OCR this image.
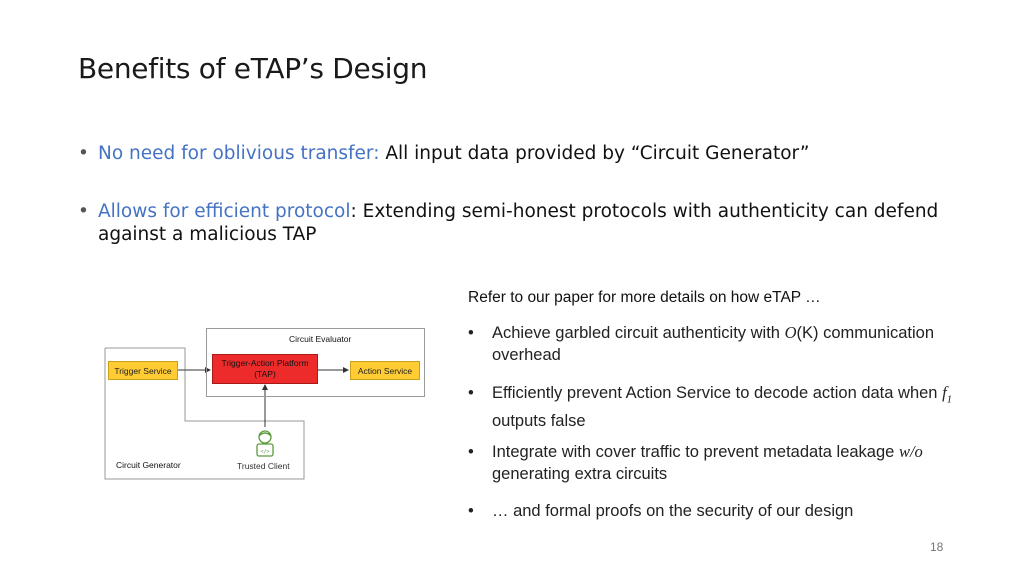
Benefits of eTAP’s Design
• No need for oblivious transfer: All input data provided by “Circuit Generator”
• Allows for efficient protocol: Extending semi-honest protocols with authenticity can defend against a malicious TAP
</>
Circuit Evaluator
Trigger Service
Trigger-Action Platform
(TAP)	Action Service
Circuit Generator	Trusted Client
Refer to our paper for more details on how eTAP …
• Achieve garbled circuit authenticity with O(K) communication overhead
• Efficiently prevent Action Service to decode action data when $f_1$ outputs false
• Integrate with cover traffic to prevent metadata leakage w/o generating extra circuits
• … and formal proofs on the security of our design
18
